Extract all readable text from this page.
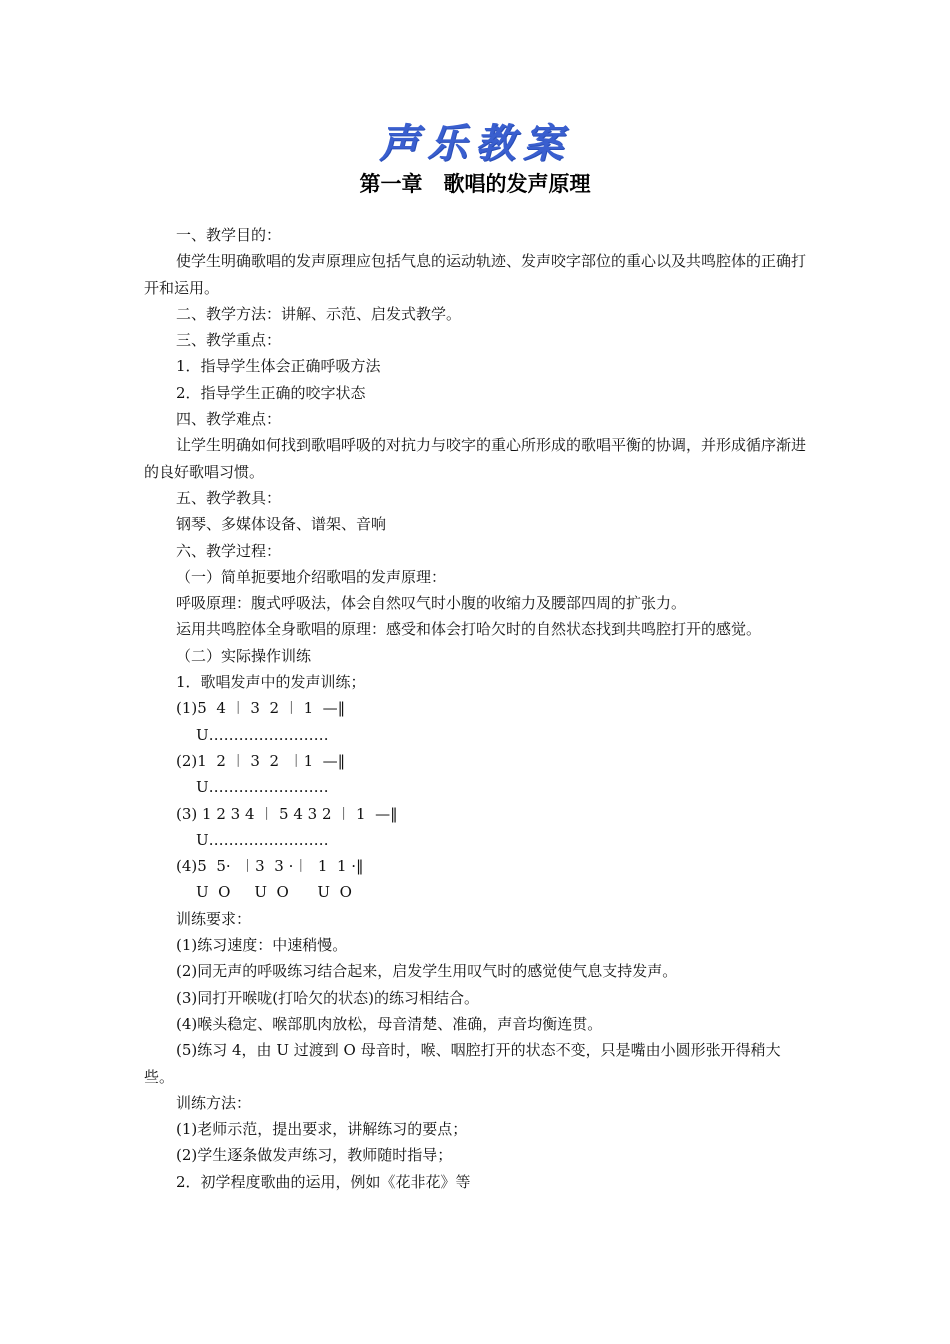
声乐教案
第一章　歌唱的发声原理

一、教学目的：

使学生明确歌唱的发声原理应包括气息的运动轨迹、发声咬字部位的重心以及共鸣腔体的正确打开和运用。

二、教学方法：讲解、示范、启发式教学。

三、教学重点：

1．指导学生体会正确呼吸方法

2．指导学生正确的咬字状态

四、教学难点：

让学生明确如何找到歌唱呼吸的对抗力与咬字的重心所形成的歌唱平衡的协调，并形成循序渐进的良好歌唱习惯。

五、教学教具：

钢琴、多媒体设备、谱架、音响

六、教学过程：

（一）简单扼要地介绍歌唱的发声原理：

呼吸原理：腹式呼吸法，体会自然叹气时小腹的收缩力及腰部四周的扩张力。

运用共鸣腔体全身歌唱的原理：感受和体会打哈欠时的自然状态找到共鸣腔打开的感觉。

（二）实际操作训练

1．歌唱发声中的发声训练；

(1)5  4 ︱ 3  2 ︱ 1  —‖

U……………………

(2)1  2 ︱ 3  2  ︱1  —‖

U……………………

(3) 1 2 3 4 ︱ 5 4 3 2 ︱ 1  —‖

U……………………

(4)5  5·  ︱3  3 ·︱  1  1 ·‖

U  O     U  O      U  O

训练要求：

(1)练习速度：中速稍慢。

(2)同无声的呼吸练习结合起来，启发学生用叹气时的感觉使气息支持发声。

(3)同打开喉咙(打哈欠的状态)的练习相结合。

(4)喉头稳定、喉部肌肉放松，母音清楚、准确，声音均衡连贯。

(5)练习 4，由 U 过渡到 O 母音时，喉、咽腔打开的状态不变，只是嘴由小圆形张开得稍大些。

训练方法：

(1)老师示范，提出要求，讲解练习的要点；

(2)学生逐条做发声练习，教师随时指导；

2．初学程度歌曲的运用，例如《花非花》等
